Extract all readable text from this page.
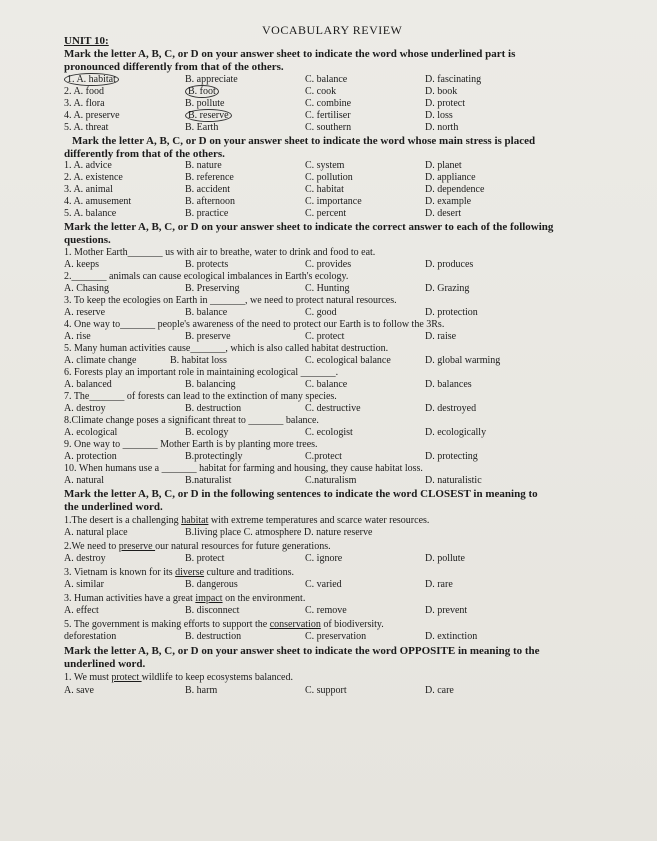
VOCABULARY REVIEW
UNIT 10:
Mark the letter A, B, C, or D on your answer sheet to indicate the word whose underlined part is
pronounced differently from that of the others.
1. A. habitat	B. appreciate	C. balance	D. fascinating
2. A. food	B. foot	C. cook	D. book
3. A. flora	B. pollute	C. combine	D. protect
4. A. preserve	B. reserve	C. fertiliser	D. loss
5. A. threat	B. Earth	C. southern	D. north
Mark the letter A, B, C, or D on your answer sheet to indicate the word whose main stress is placed
differently from that of the others.
1. A. advice	B. nature	C. system	D. planet
2. A. existence	B. reference	C. pollution	D. appliance
3. A. animal	B. accident	C. habitat	D. dependence
4. A. amusement	B. afternoon	C. importance	D. example
5. A. balance	B. practice	C. percent	D. desert
Mark the letter A, B, C, or D on your answer sheet to indicate the correct answer to each of the following
questions.
1. Mother Earth_______ us with air to breathe, water to drink and food to eat.
A. keeps	B. protects	C. provides	D. produces
2._______ animals can cause ecological imbalances in Earth's ecology.
A. Chasing	B. Preserving	C. Hunting	D. Grazing
3. To keep the ecologies on Earth in _______, we need to protect natural resources.
A. reserve	B. balance	C. good	D. protection
4. One way to_______ people's awareness of the need to protect our Earth is to follow the 3Rs.
A. rise	B. preserve	C. protect	D. raise
5. Many human activities cause_______, which is also called habitat destruction.
A. climate change	B. habitat loss	C. ecological balance	D. global warming
6. Forests play an important role in maintaining ecological _______.
A. balanced	B. balancing	C. balance	D. balances
7. The_______ of forests can lead to the extinction of many species.
A. destroy	B. destruction	C. destructive	D. destroyed
8.Climate change poses a significant threat to _______ balance.
A. ecological	B. ecology	C. ecologist	D. ecologically
9. One way to _______ Mother Earth is by planting more trees.
A. protection	B.protectingly	C.protect	D. protecting
10. When humans use a _______ habitat for farming and housing, they cause habitat loss.
A. natural	B.naturalist	C.naturalism	D. naturalistic
Mark the letter A, B, C, or D in the following sentences to indicate the word CLOSEST in meaning to
the underlined word.
1.The desert is a challenging habitat with extreme temperatures and scarce water resources.
A. natural place	B.living place C. atmosphere D. nature reserve
2.We need to preserve our natural resources for future generations.
A. destroy	B. protect	C. ignore	D. pollute
3. Vietnam is known for its diverse culture and traditions.
A. similar	B. dangerous	C. varied	D. rare
3. Human activities have a great impact on the environment.
A. effect	B. disconnect	C. remove	D. prevent
5. The government is making efforts to support the conservation of biodiversity.
deforestation	B. destruction	C. preservation	D. extinction
Mark the letter A, B, C, or D on your answer sheet to indicate the word OPPOSITE in meaning to the
underlined word.
1. We must protect wildlife to keep ecosystems balanced.
A. save	B. harm	C. support	D. care
